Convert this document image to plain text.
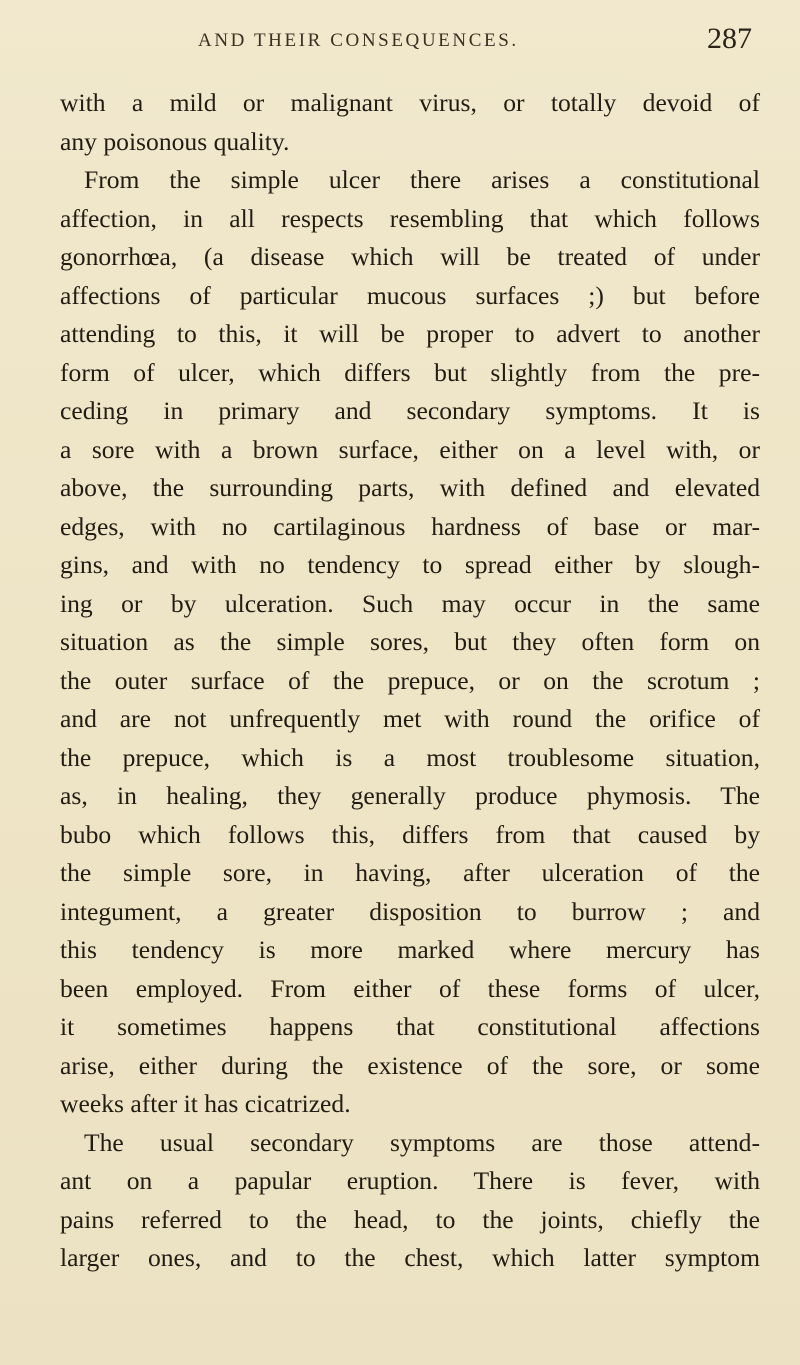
AND THEIR CONSEQUENCES.	287
with a mild or malignant virus, or totally devoid of
any poisonous quality.
From the simple ulcer there arises a constitutional
affection, in all respects resembling that which follows
gonorrhœa, (a disease which will be treated of under
affections of particular mucous surfaces ;) but before
attending to this, it will be proper to advert to another
form of ulcer, which differs but slightly from the pre-
ceding in primary and secondary symptoms. It is
a sore with a brown surface, either on a level with, or
above, the surrounding parts, with defined and elevated
edges, with no cartilaginous hardness of base or mar-
gins, and with no tendency to spread either by slough-
ing or by ulceration. Such may occur in the same
situation as the simple sores, but they often form on
the outer surface of the prepuce, or on the scrotum ;
and are not unfrequently met with round the orifice of
the prepuce, which is a most troublesome situation,
as, in healing, they generally produce phymosis. The
bubo which follows this, differs from that caused by
the simple sore, in having, after ulceration of the
integument, a greater disposition to burrow ; and
this tendency is more marked where mercury has
been employed. From either of these forms of ulcer,
it sometimes happens that constitutional affections
arise, either during the existence of the sore, or some
weeks after it has cicatrized.
The usual secondary symptoms are those attend-
ant on a papular eruption. There is fever, with
pains referred to the head, to the joints, chiefly the
larger ones, and to the chest, which latter symptom
